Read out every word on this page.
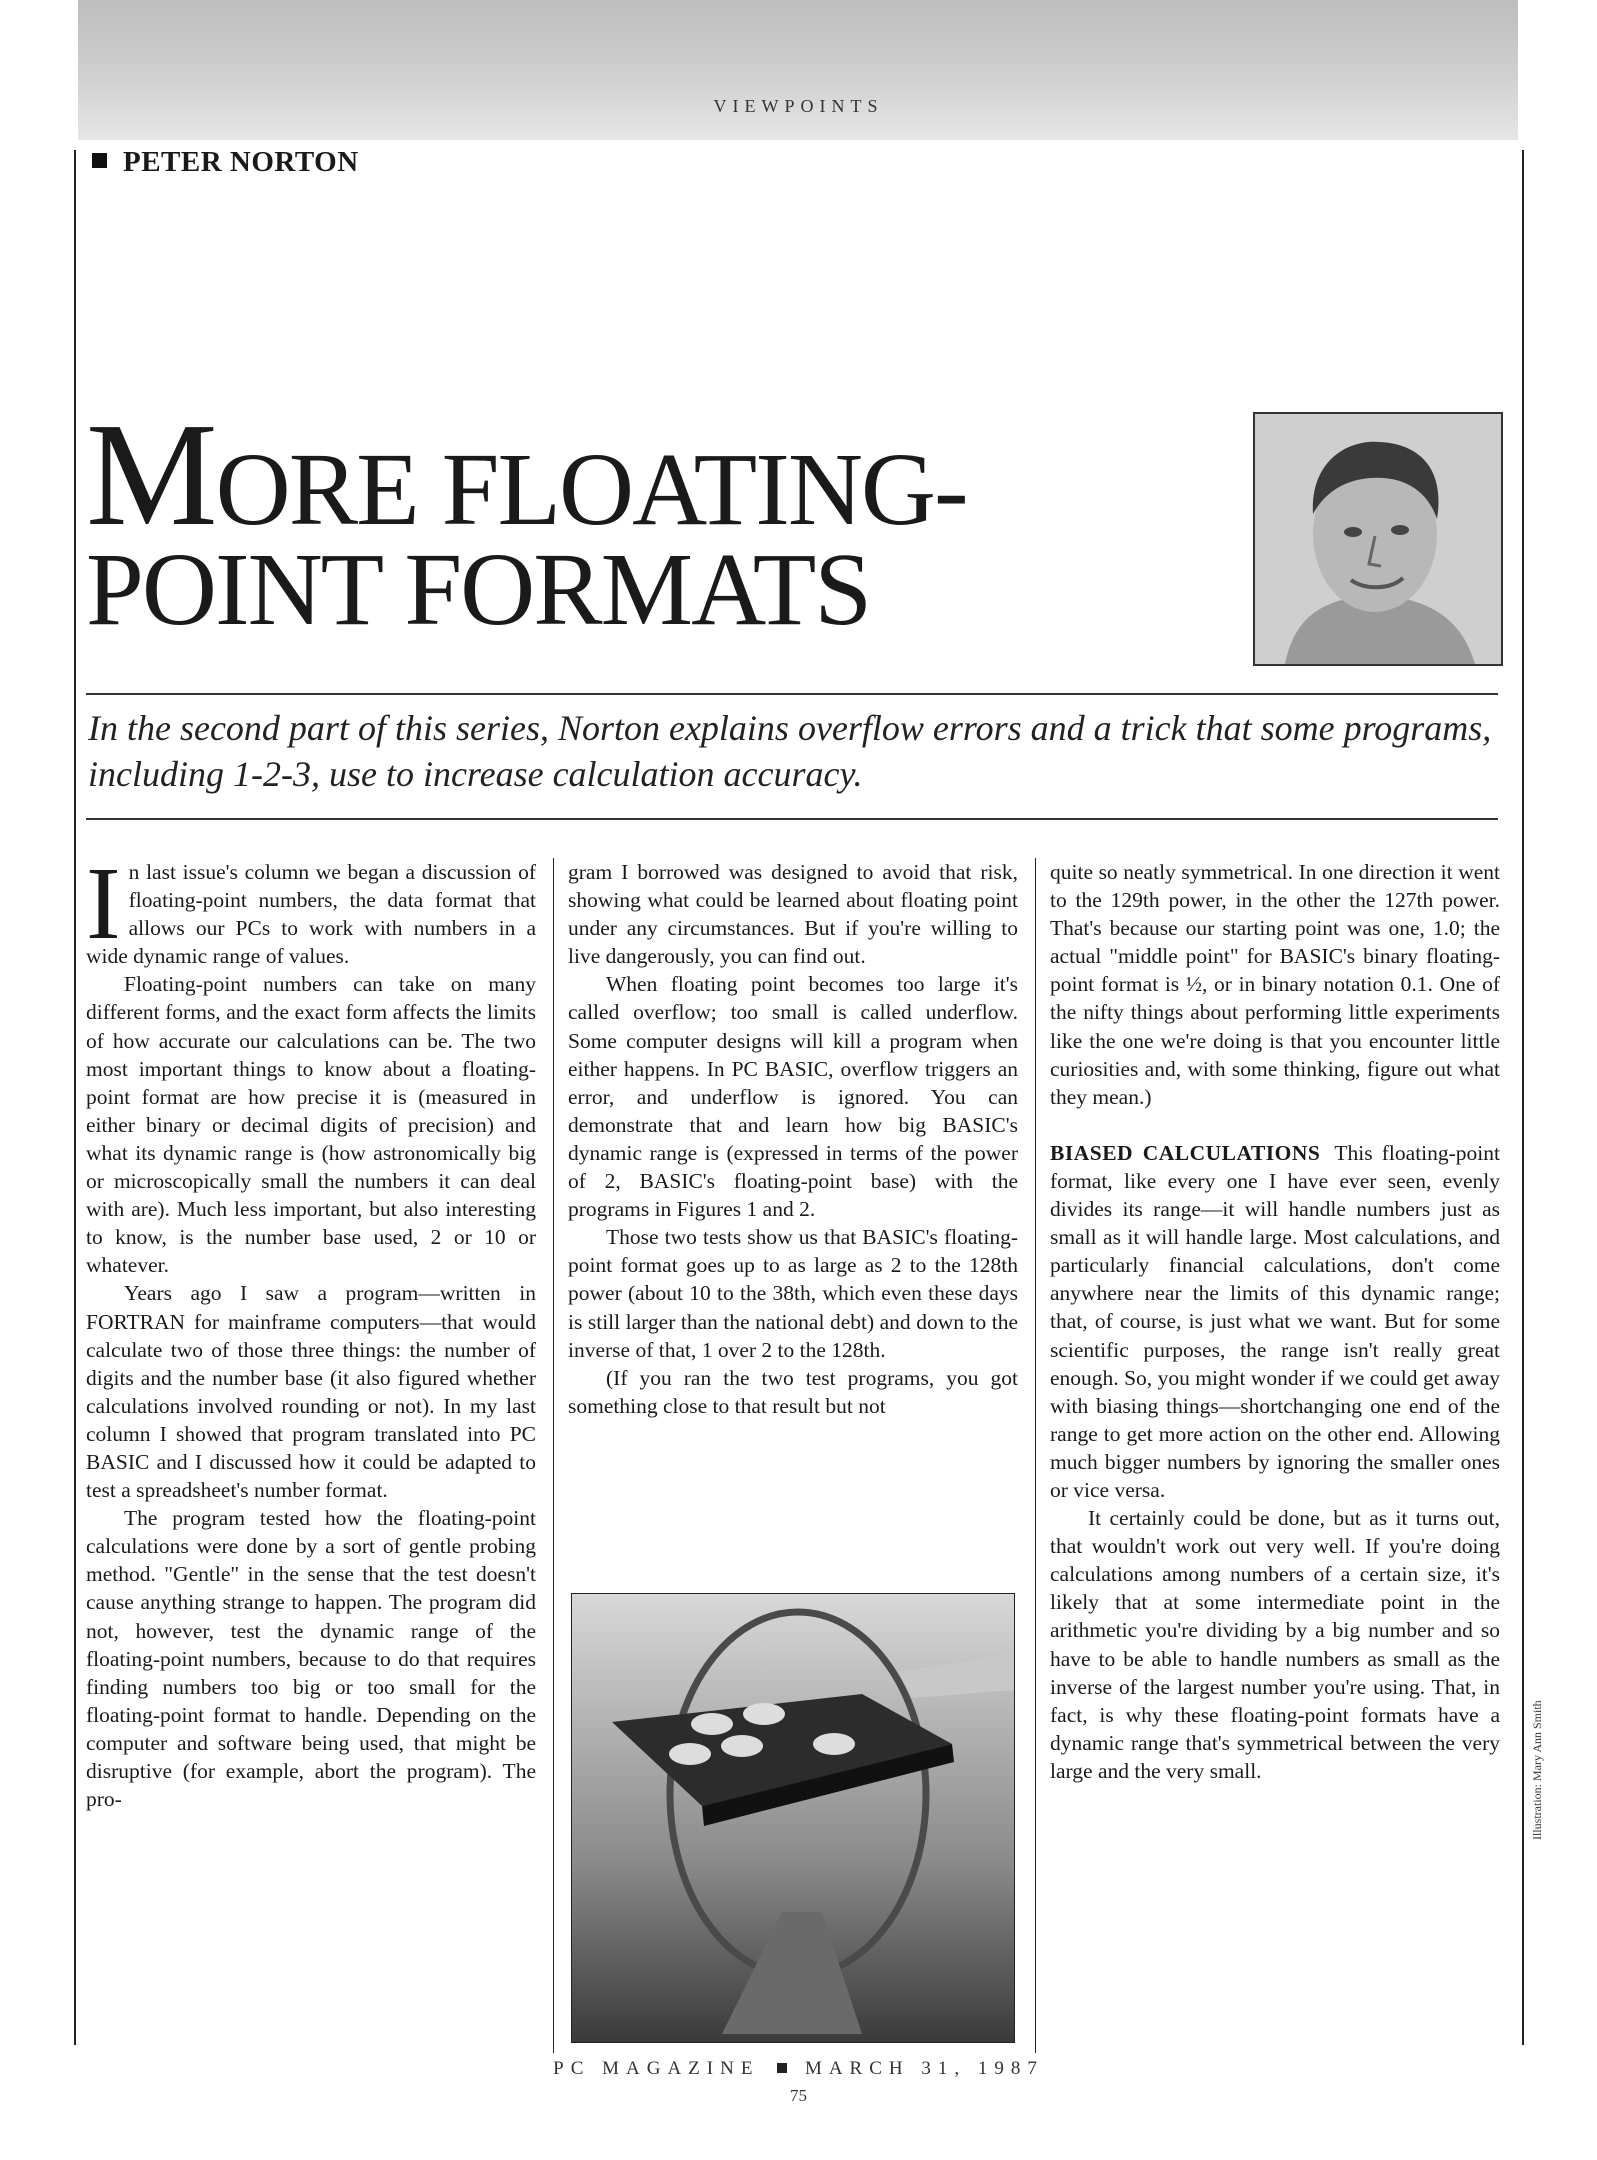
VIEWPOINTS
PETER NORTON
MORE FLOATING-
POINT FORMATS
In the second part of this series, Norton explains overflow errors and a trick that some programs, including 1-2-3, use to increase calculation accuracy.

In last issue's column we began a discussion of floating-point numbers, the data format that allows our PCs to work with numbers in a wide dynamic range of values.

Floating-point numbers can take on many different forms, and the exact form affects the limits of how accurate our calculations can be. The two most important things to know about a floating-point format are how precise it is (measured in either binary or decimal digits of precision) and what its dynamic range is (how astronomically big or microscopically small the numbers it can deal with are). Much less important, but also interesting to know, is the number base used, 2 or 10 or whatever.

Years ago I saw a program—written in FORTRAN for mainframe computers—that would calculate two of those three things: the number of digits and the number base (it also figured whether calculations involved rounding or not). In my last column I showed that program translated into PC BASIC and I discussed how it could be adapted to test a spreadsheet's number format.

The program tested how the floating-point calculations were done by a sort of gentle probing method. "Gentle" in the sense that the test doesn't cause anything strange to happen. The program did not, however, test the dynamic range of the floating-point numbers, because to do that requires finding numbers too big or too small for the floating-point format to handle. Depending on the computer and software being used, that might be disruptive (for example, abort the program). The pro-

gram I borrowed was designed to avoid that risk, showing what could be learned about floating point under any circumstances. But if you're willing to live dangerously, you can find out.

When floating point becomes too large it's called overflow; too small is called underflow. Some computer designs will kill a program when either happens. In PC BASIC, overflow triggers an error, and underflow is ignored. You can demonstrate that and learn how big BASIC's dynamic range is (expressed in terms of the power of 2, BASIC's floating-point base) with the programs in Figures 1 and 2.

Those two tests show us that BASIC's floating-point format goes up to as large as 2 to the 128th power (about 10 to the 38th, which even these days is still larger than the national debt) and down to the inverse of that, 1 over 2 to the 128th.

(If you ran the two test programs, you got something close to that result but not

quite so neatly symmetrical. In one direction it went to the 129th power, in the other the 127th power. That's because our starting point was one, 1.0; the actual "middle point" for BASIC's binary floating-point format is ½, or in binary notation 0.1. One of the nifty things about performing little experiments like the one we're doing is that you encounter little curiosities and, with some thinking, figure out what they mean.)

BIASED CALCULATIONS This floating-point format, like every one I have ever seen, evenly divides its range—it will handle numbers just as small as it will handle large. Most calculations, and particularly financial calculations, don't come anywhere near the limits of this dynamic range; that, of course, is just what we want. But for some scientific purposes, the range isn't really great enough. So, you might wonder if we could get away with biasing things—shortchanging one end of the range to get more action on the other end. Allowing much bigger numbers by ignoring the smaller ones or vice versa.

It certainly could be done, but as it turns out, that wouldn't work out very well. If you're doing calculations among numbers of a certain size, it's likely that at some intermediate point in the arithmetic you're dividing by a big number and so have to be able to handle numbers as small as the inverse of the largest number you're using. That, in fact, is why these floating-point formats have a dynamic range that's symmetrical between the very large and the very small.	Illustration: Mary Ann Smith
PC MAGAZINE MARCH 31, 1987
75
